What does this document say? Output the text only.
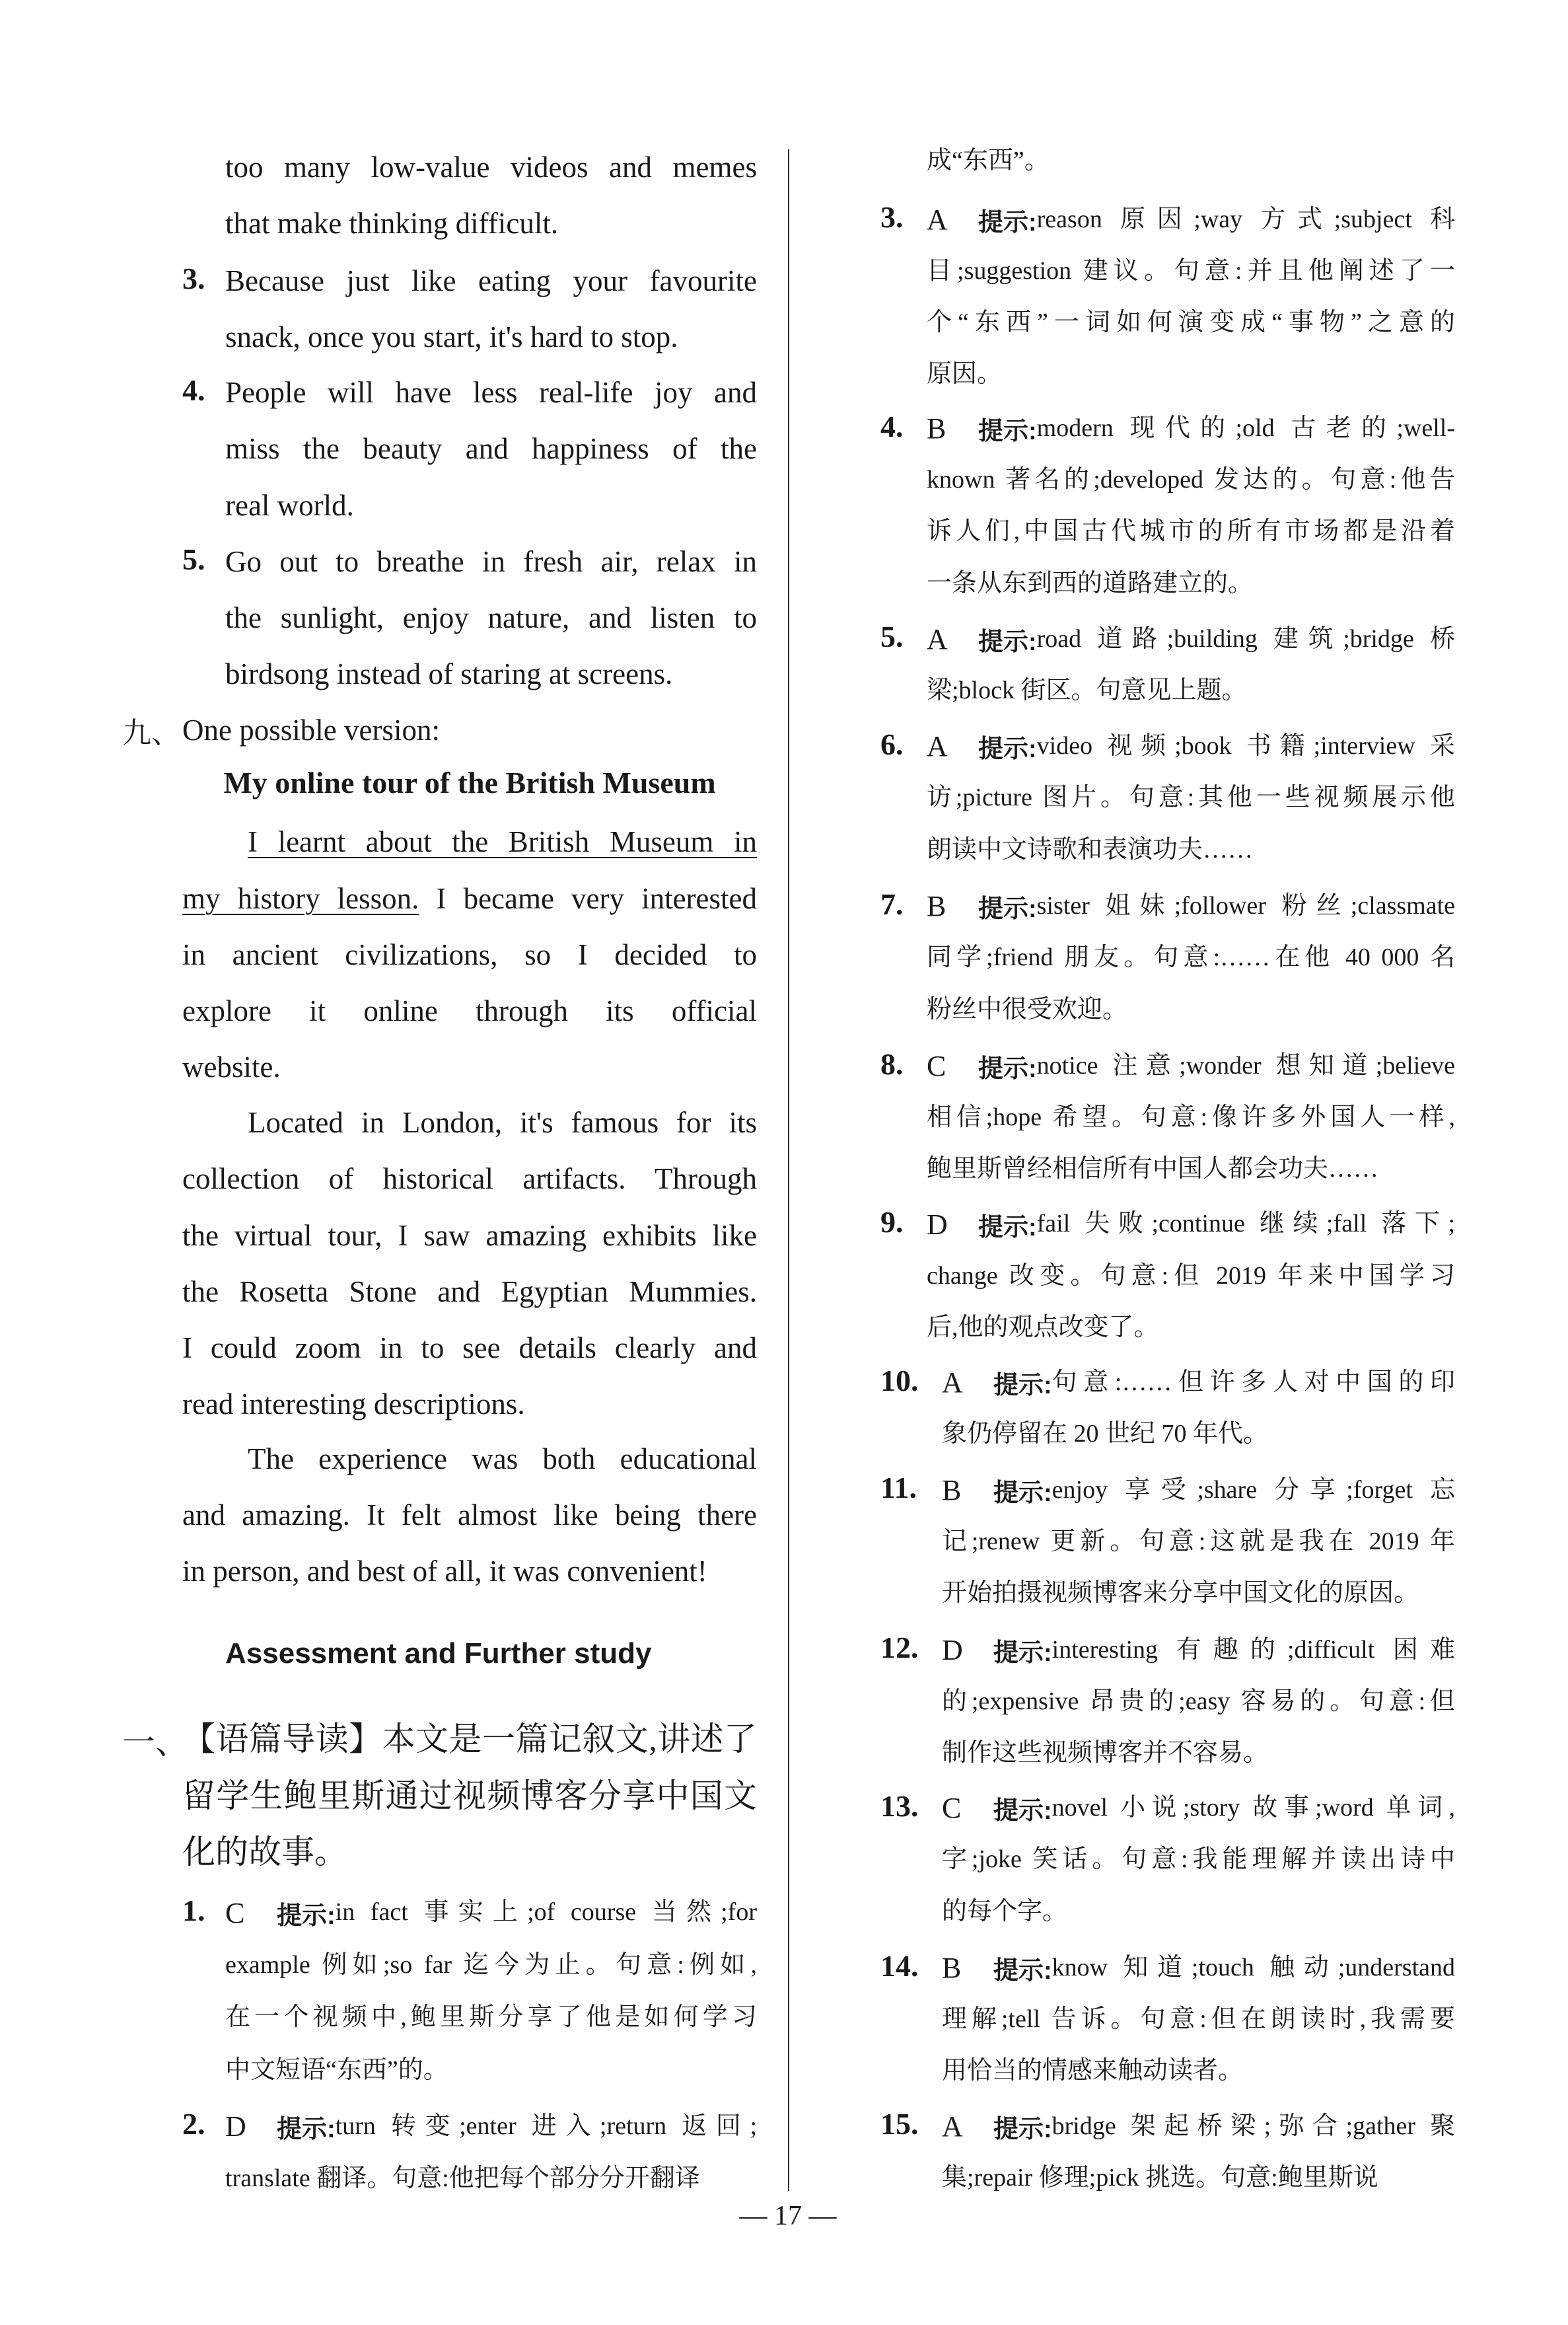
My online tour of the British Museum
Assessment and Further study
— 17 —
too many low-value videos and memes
that make thinking difficult.
3. Because just like eating your favourite
snack, once you start, it's hard to stop.
4. People will have less real-life joy and
miss the beauty and happiness of the
real world.
5. Go out to breathe in fresh air, relax in
the sunlight, enjoy nature, and listen to
birdsong instead of staring at screens.
九、 One possible version:
I learnt about the British Museum in
my history lesson. I became very interested
in ancient civilizations, so I decided to
explore it online through its official
website.
Located in London, it's famous for its
collection of historical artifacts. Through
the virtual tour, I saw amazing exhibits like
the Rosetta Stone and Egyptian Mummies.
I could zoom in to see details clearly and
read interesting descriptions.
The experience was both educational
and amazing. It felt almost like being there
in person, and best of all, it was convenient!
一、
【语篇导读】本文是一篇记叙文,讲述了
留学生鲍里斯通过视频博客分享中国文
化的故事。
1. C	提示: in fact 事实上;of course 当然;for
example 例如;so far 迄今为止。句意:例如,
在一个视频中,鲍里斯分享了他是如何学习
中文短语“东西”的。
2. D	提示: turn 转变;enter 进入;return 返回;
translate 翻译。句意:他把每个部分分开翻译
成“东西”。
3. A	提示: reason 原因;way 方式;subject 科
目;suggestion 建议。句意:并且他阐述了一
个“东西”一词如何演变成“事物”之意的
原因。
4. B	提示: modern 现代的;old 古老的;well-
known 著名的;developed 发达的。句意:他告
诉人们,中国古代城市的所有市场都是沿着
一条从东到西的道路建立的。
5. A	提示: road 道路;building 建筑;bridge 桥
梁;block 街区。句意见上题。
6. A	提示: video 视频;book 书籍;interview 采
访;picture 图片。句意:其他一些视频展示他
朗读中文诗歌和表演功夫……
7. B	提示: sister 姐妹;follower 粉丝;classmate
同学;friend 朋友。句意:……在他 40 000 名
粉丝中很受欢迎。
8. C	提示: notice 注意;wonder 想知道;believe
相信;hope 希望。句意:像许多外国人一样,
鲍里斯曾经相信所有中国人都会功夫……
9. D	提示: fail 失败;continue 继续;fall 落下;
change 改变。句意:但 2019 年来中国学习
后,他的观点改变了。
10. A	提示: 句意:……但许多人对中国的印
象仍停留在 20 世纪 70 年代。
11. B	提示: enjoy 享受;share 分享;forget 忘
记;renew 更新。句意:这就是我在 2019 年
开始拍摄视频博客来分享中国文化的原因。
12. D	提示: interesting 有趣的;difficult 困难
的;expensive 昂贵的;easy 容易的。句意:但
制作这些视频博客并不容易。
13. C	提示: novel 小说;story 故事;word 单词,
字;joke 笑话。句意:我能理解并读出诗中
的每个字。
14. B	提示: know 知道;touch 触动;understand
理解;tell 告诉。句意:但在朗读时,我需要
用恰当的情感来触动读者。
15. A	提示: bridge 架起桥梁;弥合;gather 聚
集;repair 修理;pick 挑选。句意:鲍里斯说
